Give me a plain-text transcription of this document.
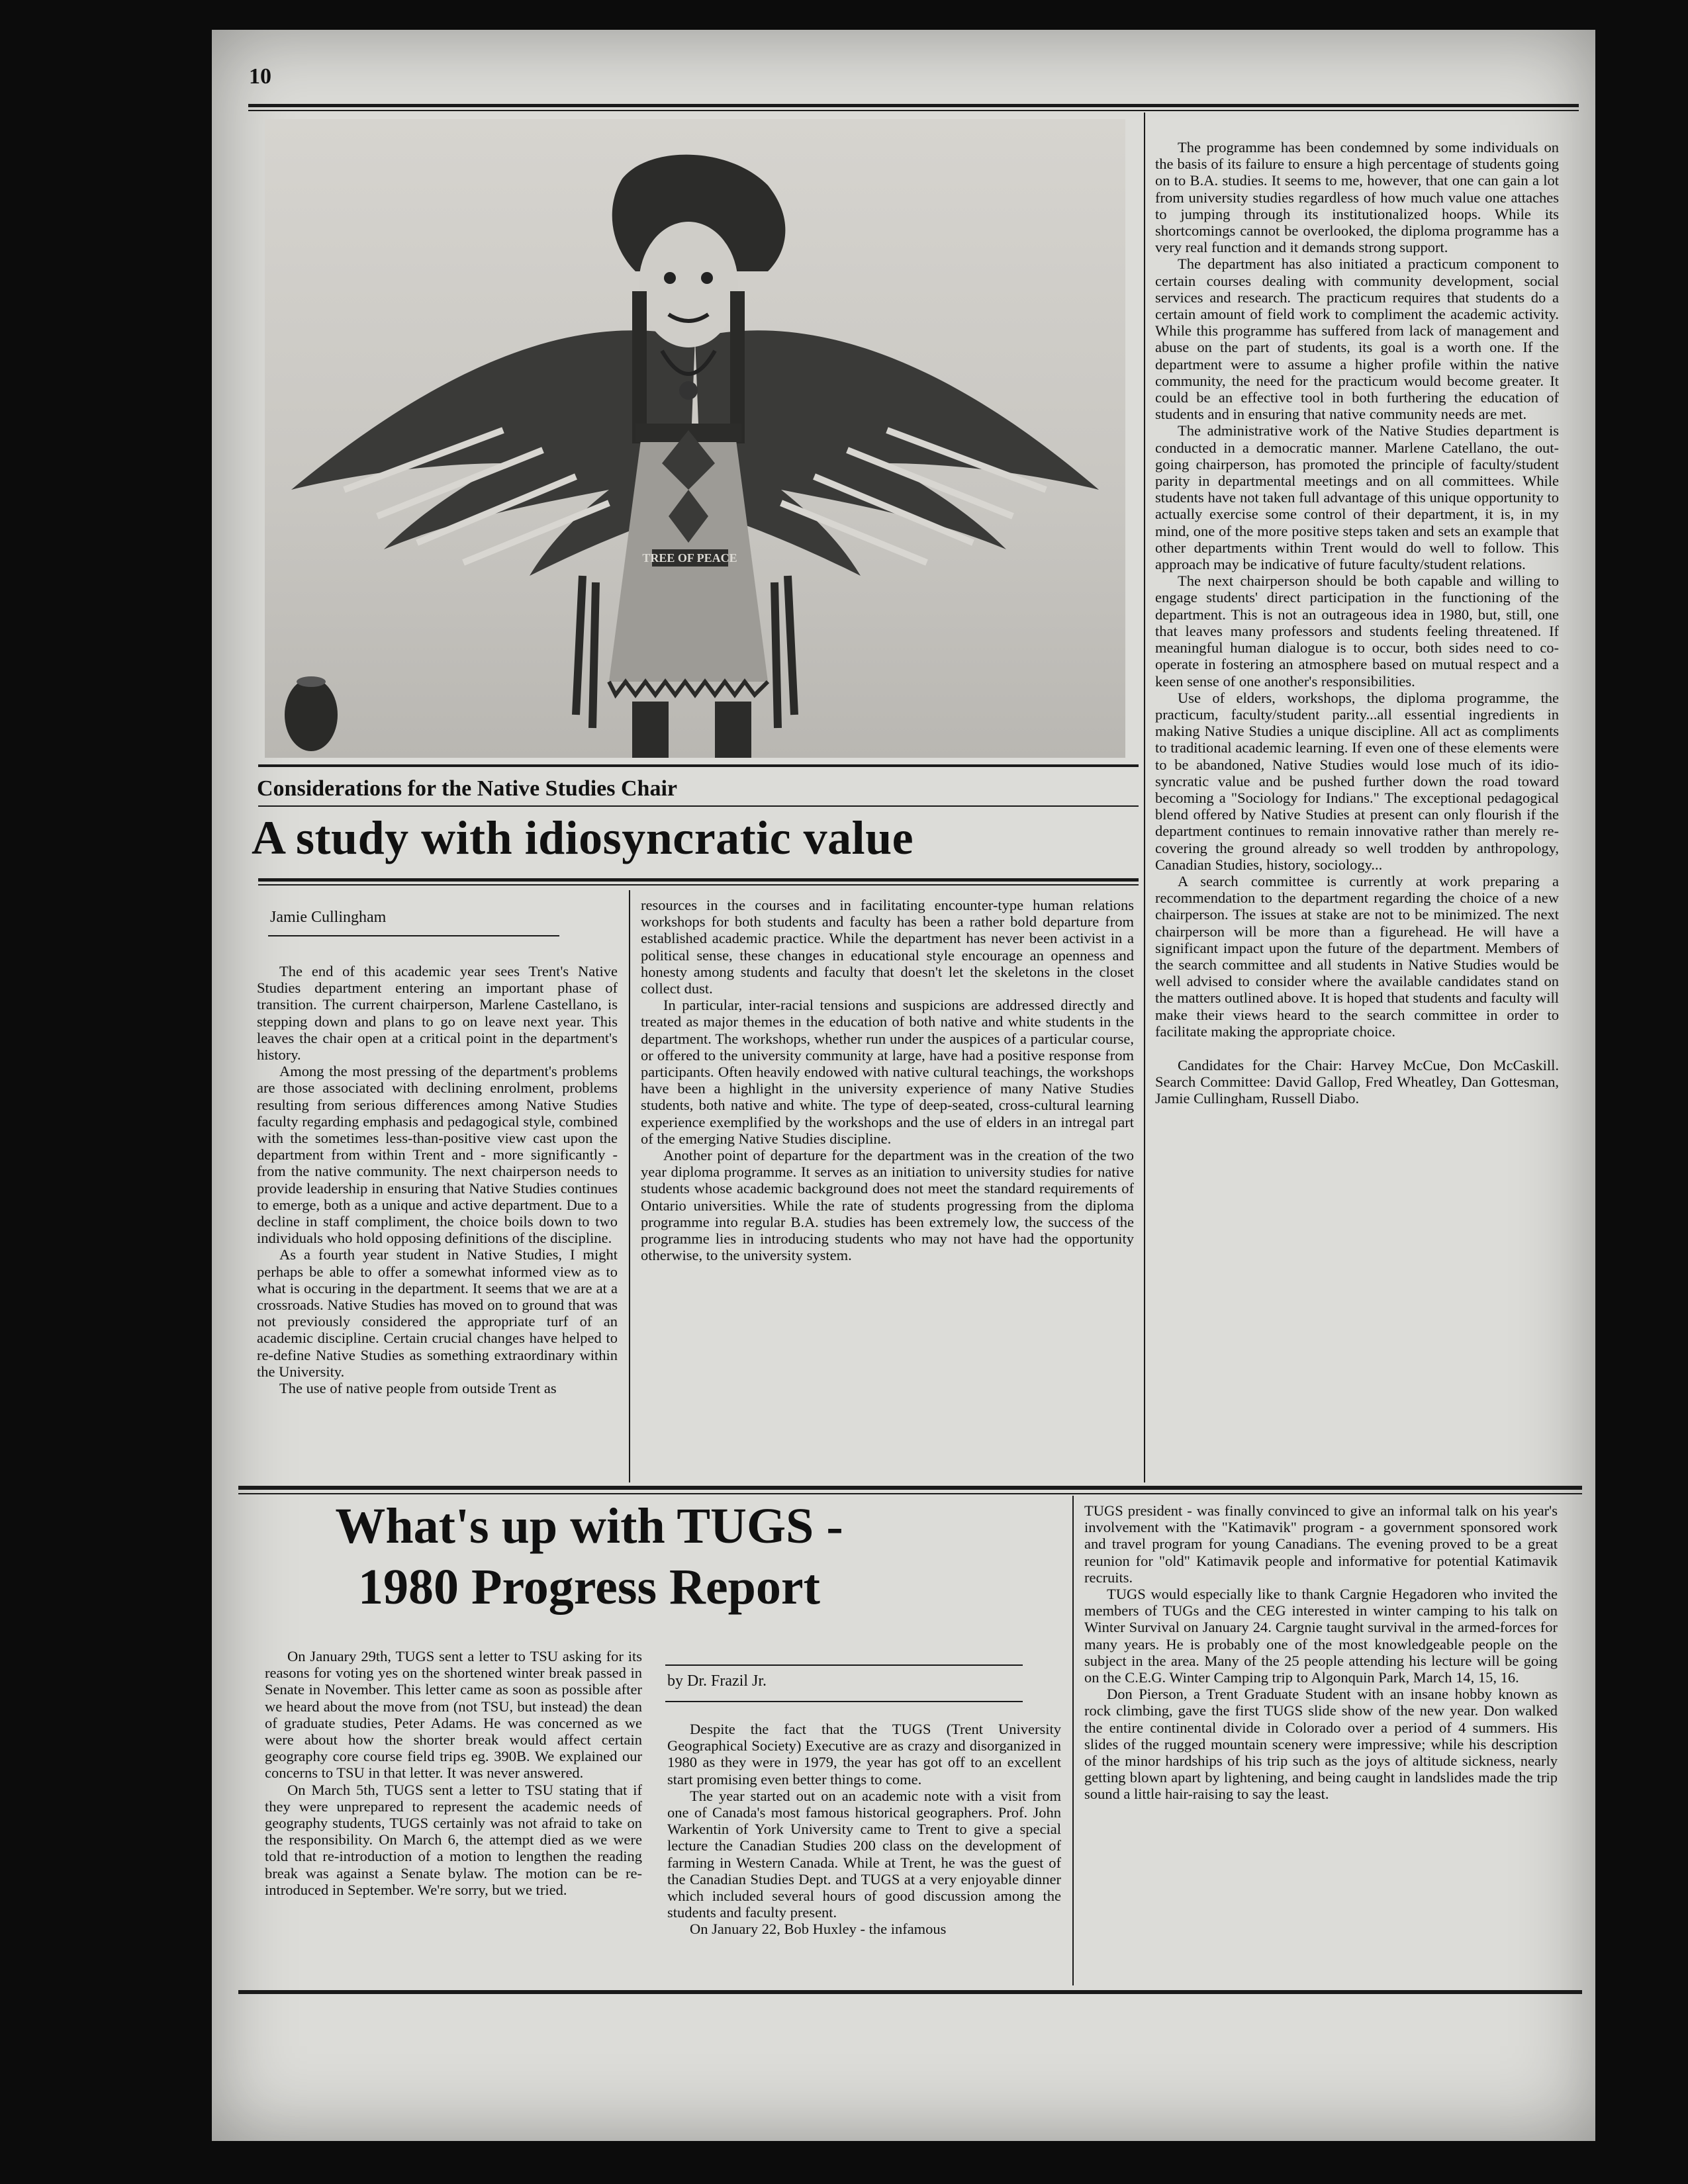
10
TREE OF PEACE
Considerations for the Native Studies Chair
A study with idiosyncratic value
Jamie Cullingham

The end of this academic year sees Trent's Native Studies department entering an important phase of transition. The current chairperson, Marlene Castellano, is stepping down and plans to go on leave next year. This leaves the chair open at a critical point in the department's history.

Among the most pressing of the department's problems are those associated with declining enrolment, problems resulting from serious differences among Native Studies faculty regarding emphasis and pedagogical style, combined with the sometimes less-than-positive view cast upon the department from within Trent and - more significantly - from the native community. The next chairperson needs to provide leadership in ensuring that Native Studies continues to emerge, both as a unique and active department. Due to a decline in staff compliment, the choice boils down to two individuals who hold opposing definitions of the discipline.

As a fourth year student in Native Studies, I might perhaps be able to offer a somewhat informed view as to what is occuring in the department. It seems that we are at a crossroads. Native Studies has moved on to ground that was not previously considered the appropriate turf of an academic discipline. Certain crucial changes have helped to re-define Native Studies as something extraordinary within the University.

The use of native people from outside Trent as

resources in the courses and in facilitating encounter-type human relations workshops for both students and faculty has been a rather bold departure from established academic practice. While the department has never been activist in a political sense, these changes in educational style encourage an openness and honesty among students and faculty that doesn't let the skeletons in the closet collect dust.

In particular, inter-racial tensions and suspicions are addressed directly and treated as major themes in the education of both native and white students in the department. The workshops, whether run under the auspices of a particular course, or offered to the university community at large, have had a positive response from participants. Often heavily endowed with native cultural teachings, the workshops have been a highlight in the university experience of many Native Studies students, both native and white. The type of deep-seated, cross-cultural learning experience exemplified by the workshops and the use of elders in an intregal part of the emerging Native Studies discipline.

Another point of departure for the department was in the creation of the two year diploma programme. It serves as an initiation to university studies for native students whose academic background does not meet the standard requirements of Ontario universities. While the rate of students progressing from the diploma programme into regular B.A. studies has been extremely low, the success of the programme lies in introducing students who may not have had the opportunity otherwise, to the university system.

The programme has been condemned by some individuals on the basis of its failure to ensure a high percentage of students going on to B.A. studies. It seems to me, however, that one can gain a lot from university studies regardless of how much value one attaches to jumping through its institutionalized hoops. While its shortcomings cannot be overlooked, the diploma programme has a very real function and it demands strong support.

The department has also initiated a practicum component to certain courses dealing with community development, social services and research. The practicum requires that students do a certain amount of field work to compliment the academic activity. While this programme has suffered from lack of management and abuse on the part of students, its goal is a worth one. If the department were to assume a higher profile within the native community, the need for the practicum would become greater. It could be an effective tool in both furthering the education of students and in ensuring that native community needs are met.

The administrative work of the Native Studies department is conducted in a democratic manner. Marlene Catellano, the out-going chairperson, has promoted the principle of faculty/student parity in departmental meetings and on all committees. While students have not taken full advantage of this unique opportunity to actually exercise some control of their department, it is, in my mind, one of the more positive steps taken and sets an example that other departments within Trent would do well to follow. This approach may be indicative of future faculty/student relations.

The next chairperson should be both capable and willing to engage students' direct participation in the functioning of the department. This is not an outrageous idea in 1980, but, still, one that leaves many professors and students feeling threatened. If meaningful human dialogue is to occur, both sides need to co-operate in fostering an atmosphere based on mutual respect and a keen sense of one another's responsibilities.

Use of elders, workshops, the diploma programme, the practicum, faculty/student parity...all essential ingredients in making Native Studies a unique discipline. All act as compliments to traditional academic learning. If even one of these elements were to be abandoned, Native Studies would lose much of its idio-syncratic value and be pushed further down the road toward becoming a "Sociology for Indians." The exceptional pedagogical blend offered by Native Studies at present can only flourish if the department continues to remain innovative rather than merely re-covering the ground already so well trodden by anthropology, Canadian Studies, history, sociology...

A search committee is currently at work preparing a recommendation to the department regarding the choice of a new chairperson. The issues at stake are not to be minimized. The next chairperson will be more than a figurehead. He will have a significant impact upon the future of the department. Members of the search committee and all students in Native Studies would be well advised to consider where the available candidates stand on the matters outlined above. It is hoped that students and faculty will make their views heard to the search committee in order to facilitate making the appropriate choice.

Candidates for the Chair: Harvey McCue, Don McCaskill. Search Committee: David Gallop, Fred Wheatley, Dan Gottesman, Jamie Cullingham, Russell Diabo.

What's up with TUGS -
1980 Progress Report
by Dr. Frazil Jr.

On January 29th, TUGS sent a letter to TSU asking for its reasons for voting yes on the shortened winter break passed in Senate in November. This letter came as soon as possible after we heard about the move from (not TSU, but instead) the dean of graduate studies, Peter Adams. He was concerned as we were about how the shorter break would affect certain geography core course field trips eg. 390B. We explained our concerns to TSU in that letter. It was never answered.

On March 5th, TUGS sent a letter to TSU stating that if they were unprepared to represent the academic needs of geography students, TUGS certainly was not afraid to take on the responsibility. On March 6, the attempt died as we were told that re-introduction of a motion to lengthen the reading break was against a Senate bylaw. The motion can be re-introduced in September. We're sorry, but we tried.

Despite the fact that the TUGS (Trent University Geographical Society) Executive are as crazy and disorganized in 1980 as they were in 1979, the year has got off to an excellent start promising even better things to come.

The year started out on an academic note with a visit from one of Canada's most famous historical geographers. Prof. John Warkentin of York University came to Trent to give a special lecture the Canadian Studies 200 class on the development of farming in Western Canada. While at Trent, he was the guest of the Canadian Studies Dept. and TUGS at a very enjoyable dinner which included several hours of good discussion among the students and faculty present.

On January 22, Bob Huxley - the infamous

TUGS president - was finally convinced to give an informal talk on his year's involvement with the "Katimavik" program - a government sponsored work and travel program for young Canadians. The evening proved to be a great reunion for "old" Katimavik people and informative for potential Katimavik recruits.

TUGS would especially like to thank Cargnie Hegadoren who invited the members of TUGs and the CEG interested in winter camping to his talk on Winter Survival on January 24. Cargnie taught survival in the armed-forces for many years. He is probably one of the most knowledgeable people on the subject in the area. Many of the 25 people attending his lecture will be going on the C.E.G. Winter Camping trip to Algonquin Park, March 14, 15, 16.

Don Pierson, a Trent Graduate Student with an insane hobby known as rock climbing, gave the first TUGS slide show of the new year. Don walked the entire continental divide in Colorado over a period of 4 summers. His slides of the rugged mountain scenery were impressive; while his description of the minor hardships of his trip such as the joys of altitude sickness, nearly getting blown apart by lightening, and being caught in landslides made the trip sound a little hair-raising to say the least.
